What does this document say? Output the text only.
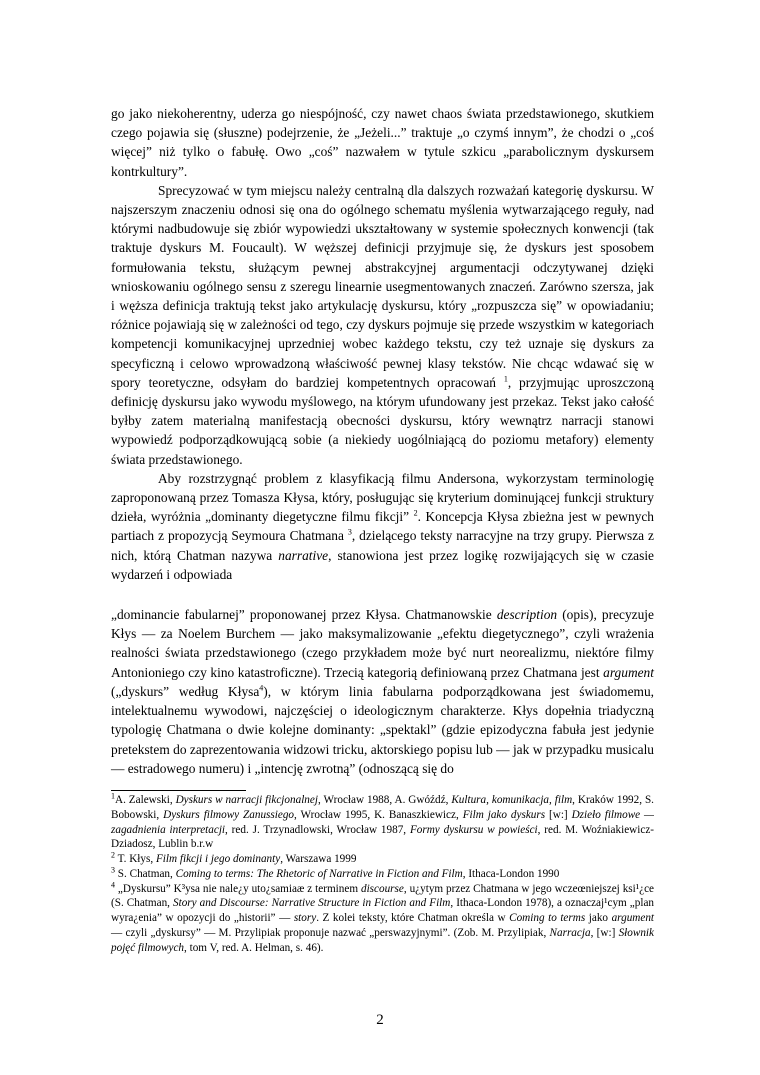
go jako niekoherentny, uderza go niespójność, czy nawet chaos świata przedstawionego, skutkiem czego pojawia się (słuszne) podejrzenie, że „Jeżeli...” traktuje „o czymś innym”, że chodzi o „coś więcej” niż tylko o fabułę. Owo „coś” nazwałem w tytule szkicu „parabolicznym dyskursem kontrkultury”.

Sprecyzować w tym miejscu należy centralną dla dalszych rozważań kategorię dyskursu. W najszerszym znaczeniu odnosi się ona do ogólnego schematu myślenia wytwarzającego reguły, nad którymi nadbudowuje się zbiór wypowiedzi ukształtowany w systemie społecznych konwencji (tak traktuje dyskurs M. Foucault). W węższej definicji przyjmuje się, że dyskurs jest sposobem formułowania tekstu, służącym pewnej abstrakcyjnej argumentacji odczytywanej dzięki wnioskowaniu ogólnego sensu z szeregu linearnie usegmentowanych znaczeń. Zarówno szersza, jak i węższa definicja traktują tekst jako artykulację dyskursu, który „rozpuszcza się” w opowiadaniu; różnice pojawiają się w zależności od tego, czy dyskurs pojmuje się przede wszystkim w kategoriach kompetencji komunikacyjnej uprzedniej wobec każdego tekstu, czy też uznaje się dyskurs za specyficzną i celowo wprowadzoną właściwość pewnej klasy tekstów. Nie chcąc wdawać się w spory teoretyczne, odsyłam do bardziej kompetentnych opracowań $^1$, przyjmując uproszczoną definicję dyskursu jako wywodu myślowego, na którym ufundowany jest przekaz. Tekst jako całość byłby zatem materialną manifestacją obecności dyskursu, który wewnątrz narracji stanowi wypowiedź podporządkowującą sobie (a niekiedy uogólniającą do poziomu metafory) elementy świata przedstawionego.

Aby rozstrzygnąć problem z klasyfikacją filmu Andersona, wykorzystam terminologię zaproponowaną przez Tomasza Kłysa, który, posługując się kryterium dominującej funkcji struktury dzieła, wyróżnia „dominanty diegetyczne filmu fikcji” $^2$. Koncepcja Kłysa zbieżna jest w pewnych partiach z propozycją Seymoura Chatmana $^3$, dzielącego teksty narracyjne na trzy grupy. Pierwsza z nich, którą Chatman nazywa narrative, stanowiona jest przez logikę rozwijających się w czasie wydarzeń i odpowiada

„dominancie fabularnej” proponowanej przez Kłysa. Chatmanowskie description (opis), precyzuje Kłys — za Noelem Burchem — jako maksymalizowanie „efektu diegetycznego”, czyli wrażenia realności świata przedstawionego (czego przykładem może być nurt neorealizmu, niektóre filmy Antonioniego czy kino katastroficzne). Trzecią kategorią definiowaną przez Chatmana jest argument („dyskurs” według Kłysa$^4$), w którym linia fabularna podporządkowana jest świadomemu, intelektualnemu wywodowi, najczęściej o ideologicznym charakterze. Kłys dopełnia triadyczną typologię Chatmana o dwie kolejne dominanty: „spektakl” (gdzie epizodyczna fabuła jest jedynie pretekstem do zaprezentowania widzowi tricku, aktorskiego popisu lub — jak w przypadku musicalu — estradowego numeru) i „intencję zwrotną” (odnoszącą się do

$^1$A. Zalewski, Dyskurs w narracji fikcjonalnej, Wrocław 1988, A. Gwóźdź, Kultura, komunikacja, film, Kraków 1992, S. Bobowski, Dyskurs filmowy Zanussiego, Wrocław 1995, K. Banaszkiewicz, Film jako dyskurs [w:] Dzieło filmowe — zagadnienia interpretacji, red. J. Trzynadlowski, Wrocław 1987, Formy dyskursu w powieści, red. M. Woźniakiewicz-Dziadosz, Lublin b.r.w

$^2$ T. Kłys, Film fikcji i jego dominanty, Warszawa 1999

$^3$ S. Chatman, Coming to terms: The Rhetoric of Narrative in Fiction and Film, Ithaca-London 1990

$^4$ „Dyskursu” K³ysa nie nale¿y uto¿samiaæ z terminem discourse, u¿ytym przez Chatmana w jego wczeœniejszej ksi¹¿ce (S. Chatman, Story and Discourse: Narrative Structure in Fiction and Film, Ithaca-London 1978), a oznaczaj¹cym „plan wyra¿enia” w opozycji do „historii” — story. Z kolei teksty, które Chatman określa w Coming to terms jako argument — czyli „dyskursy” — M. Przylipiak proponuje nazwać „perswazyjnymi”. (Zob. M. Przylipiak, Narracja, [w:] Słownik pojęć filmowych, tom V, red. A. Helman, s. 46).

2
